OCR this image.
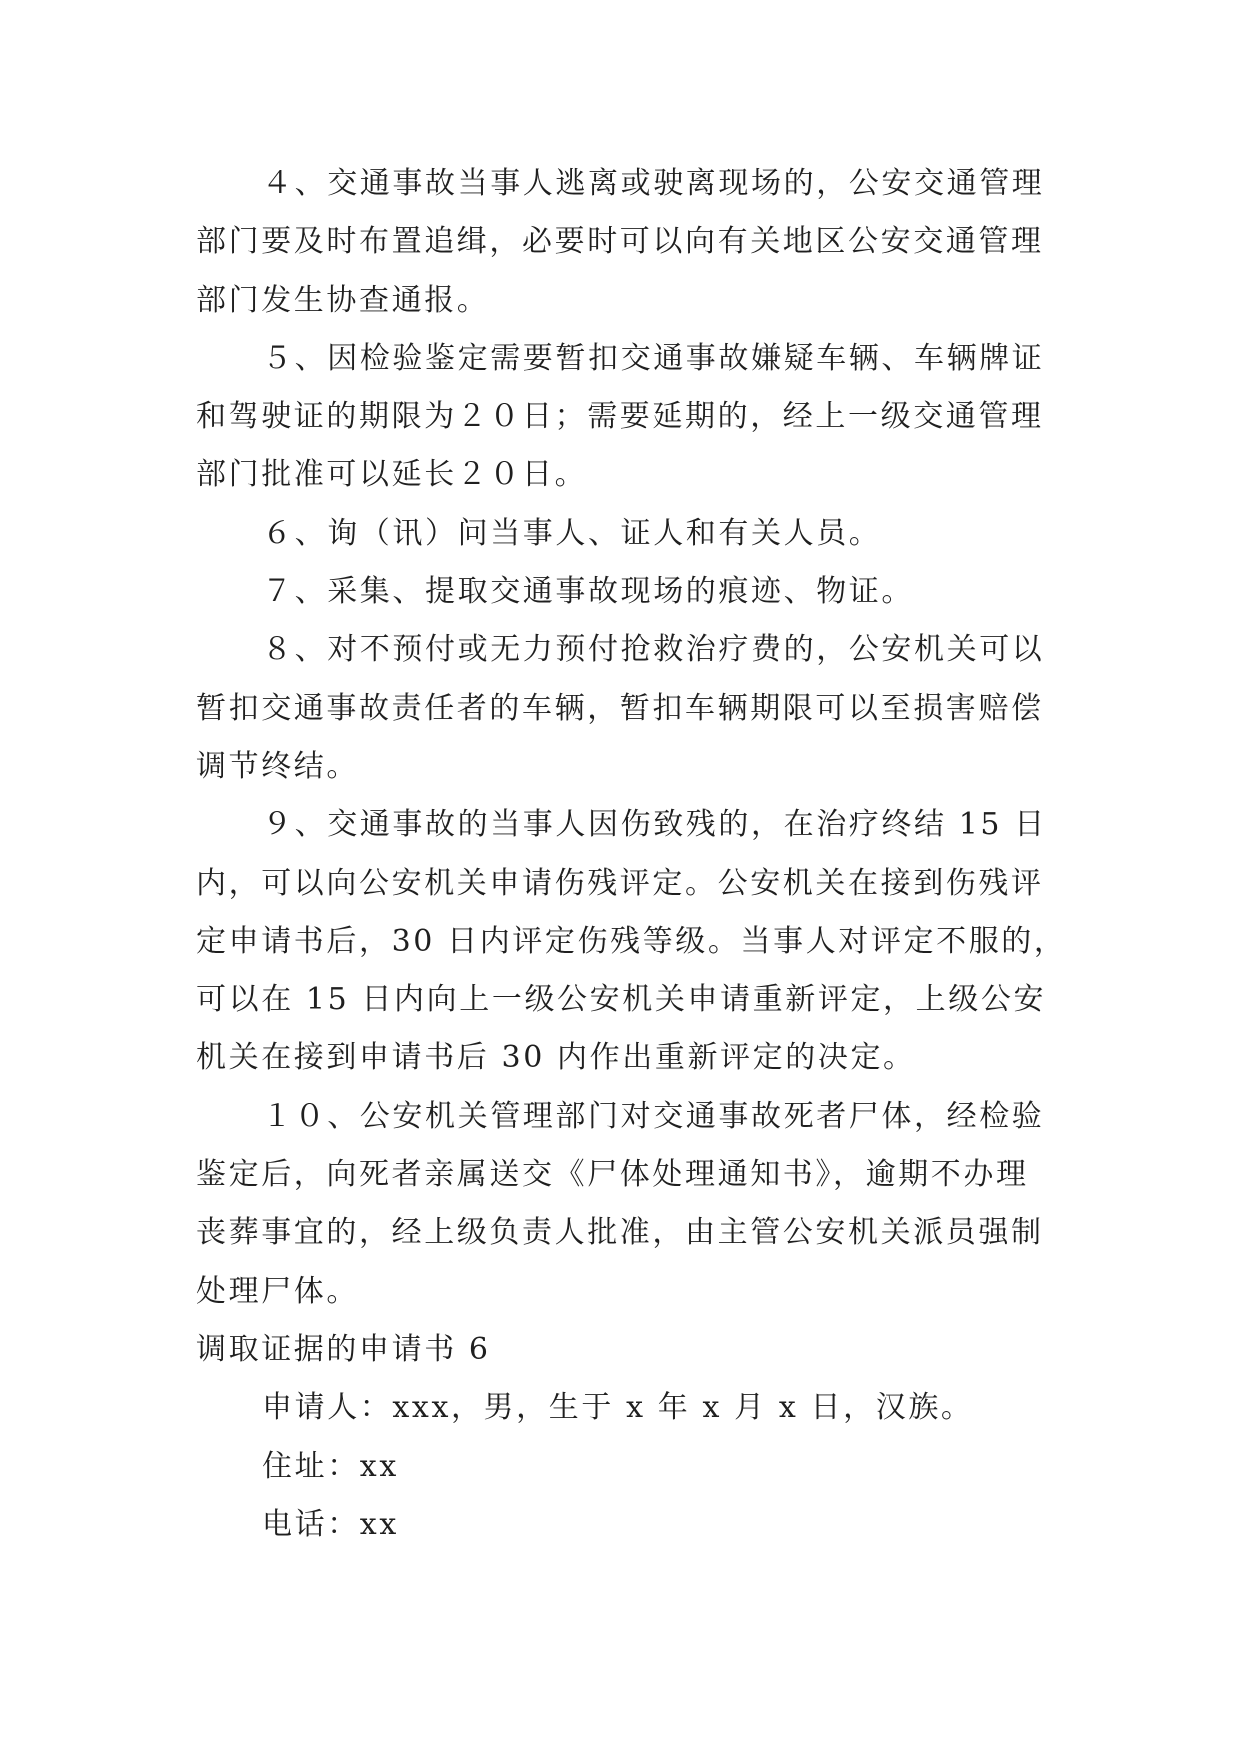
４、交通事故当事人逃离或驶离现场的，公安交通管理
部门要及时布置追缉，必要时可以向有关地区公安交通管理
部门发生协查通报。
５、因检验鉴定需要暂扣交通事故嫌疑车辆、车辆牌证
和驾驶证的期限为２０日；需要延期的，经上一级交通管理
部门批准可以延长２０日。
６、询（讯）问当事人、证人和有关人员。
７、采集、提取交通事故现场的痕迹、物证。
８、对不预付或无力预付抢救治疗费的，公安机关可以
暂扣交通事故责任者的车辆，暂扣车辆期限可以至损害赔偿
调节终结。
９、交通事故的当事人因伤致残的，在治疗终结 15 日
内，可以向公安机关申请伤残评定。公安机关在接到伤残评
定申请书后，30 日内评定伤残等级。当事人对评定不服的，
可以在 15 日内向上一级公安机关申请重新评定，上级公安
机关在接到申请书后 30 内作出重新评定的决定。
１０、公安机关管理部门对交通事故死者尸体，经检验
鉴定后，向死者亲属送交《尸体处理通知书》，逾期不办理
丧葬事宜的，经上级负责人批准，由主管公安机关派员强制
处理尸体。
调取证据的申请书 6
申请人：xxx，男，生于 x 年 x 月 x 日，汉族。
住址：xx
电话：xx
